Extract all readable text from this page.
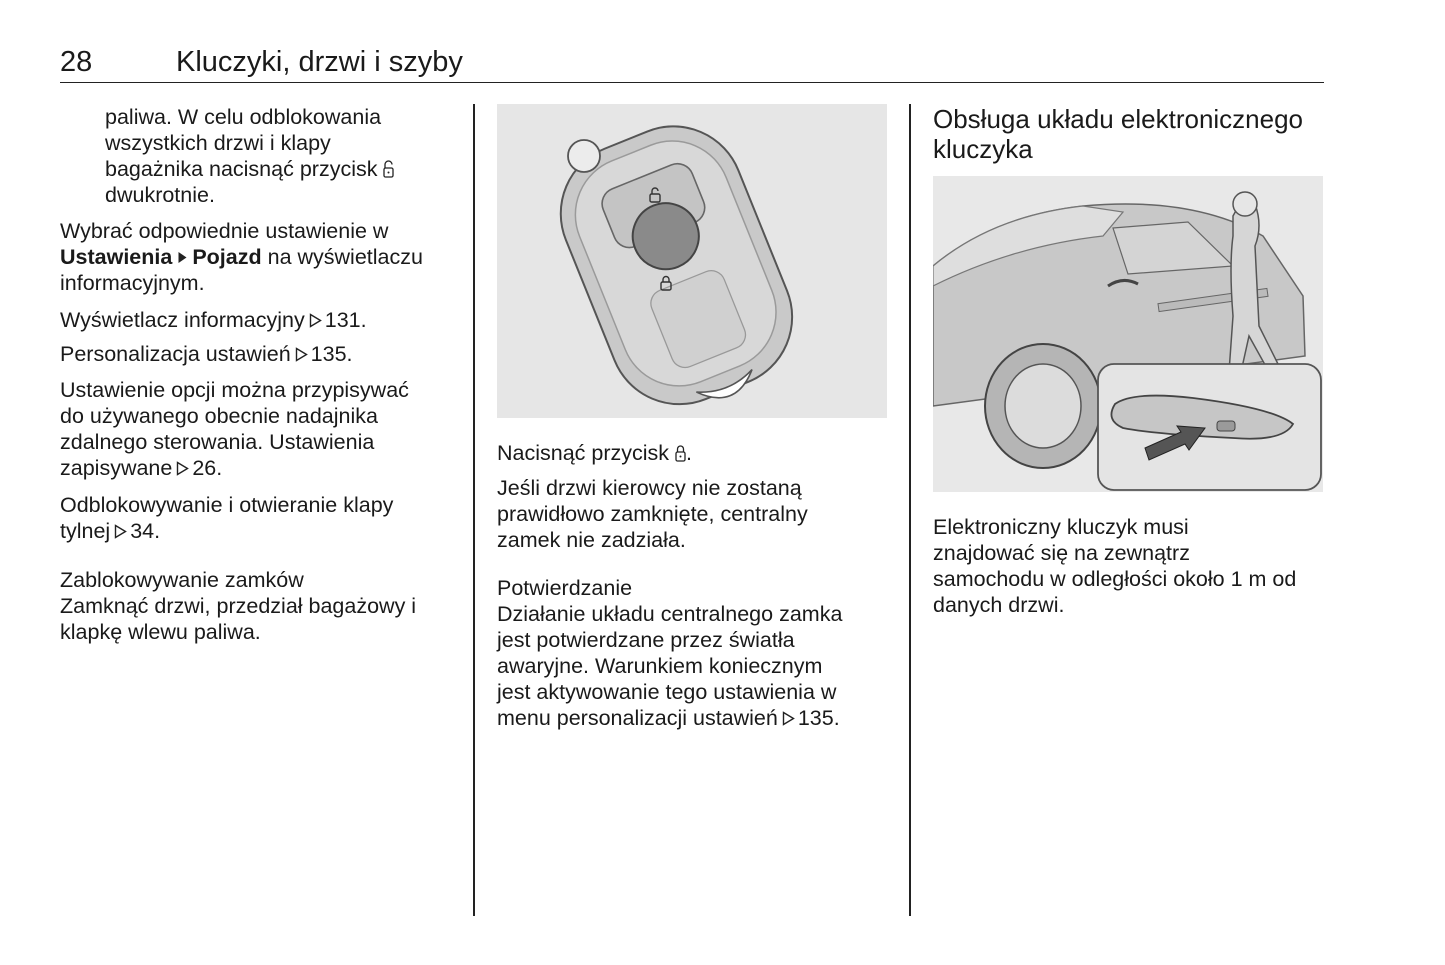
28	Kluczyki, drzwi i szyby

paliwa. W celu odblokowania

wszystkich drzwi i klapy

bagażnika nacisnąć przycisk

dwukrotnie.

Wybrać odpowiednie ustawienie w

Ustawienia Pojazd na wyświetlaczu

informacyjnym.

Wyświetlacz informacyjny 131.

Personalizacja ustawień 135.

Ustawienie opcji można przypisywać

do używanego obecnie nadajnika

zdalnego sterowania. Ustawienia

zapisywane 26.

Odblokowywanie i otwieranie klapy

tylnej 34.

Zablokowywanie zamków

Zamknąć drzwi, przedział bagażowy i

klapkę wlewu paliwa.

Nacisnąć przycisk .

Jeśli drzwi kierowcy nie zostaną

prawidłowo zamknięte, centralny

zamek nie zadziała.

Potwierdzanie

Działanie układu centralnego zamka

jest potwierdzane przez światła

awaryjne. Warunkiem koniecznym

jest aktywowanie tego ustawienia w

menu personalizacji ustawień 135.

Obsługa układu elektronicznego

kluczyka

Elektroniczny kluczyk musi

znajdować się na zewnątrz

samochodu w odległości około 1 m od

danych drzwi.
